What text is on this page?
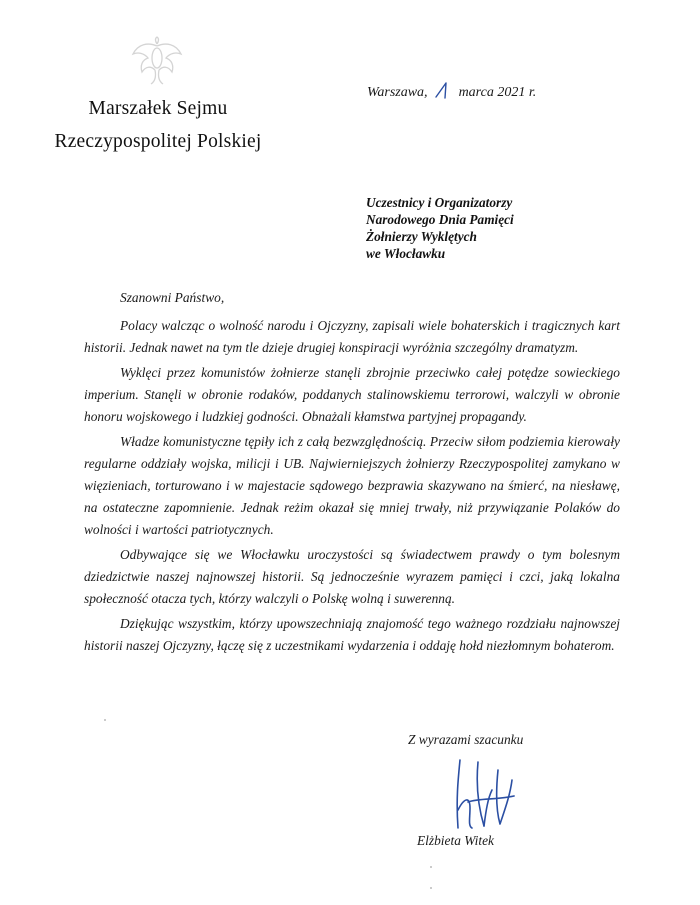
Marszałek Sejmu
Rzeczypospolitej Polskiej
Warszawa, marca 2021 r.
Uczestnicy i Organizatorzy
Narodowego Dnia Pamięci
Żołnierzy Wyklętych
we Włocławku
Szanowni Państwo,

Polacy walcząc o wolność narodu i Ojczyzny, zapisali wiele bohaterskich i tragicznych kart historii. Jednak nawet na tym tle dzieje drugiej konspiracji wyróżnia szczególny dramatyzm.

Wyklęci przez komunistów żołnierze stanęli zbrojnie przeciwko całej potędze sowieckiego imperium. Stanęli w obronie rodaków, poddanych stalinowskiemu terrorowi, walczyli w obronie honoru wojskowego i ludzkiej godności. Obnażali kłamstwa partyjnej propagandy.

Władze komunistyczne tępiły ich z całą bezwzględnością. Przeciw siłom podziemia kierowały regularne oddziały wojska, milicji i UB. Najwierniejszych żołnierzy Rzeczypospolitej zamykano w więzieniach, torturowano i w majestacie sądowego bezprawia skazywano na śmierć, na niesławę, na ostateczne zapomnienie. Jednak reżim okazał się mniej trwały, niż przywiązanie Polaków do wolności i wartości patriotycznych.

Odbywające się we Włocławku uroczystości są świadectwem prawdy o tym bolesnym dziedzictwie naszej najnowszej historii. Są jednocześnie wyrazem pamięci i czci, jaką lokalna społeczność otacza tych, którzy walczyli o Polskę wolną i suwerenną.

Dziękując wszystkim, którzy upowszechniają znajomość tego ważnego rozdziału najnowszej historii naszej Ojczyzny, łączę się z uczestnikami wydarzenia i oddaję hołd niezłomnym bohaterom.

Z wyrazami szacunku
Elżbieta Witek
